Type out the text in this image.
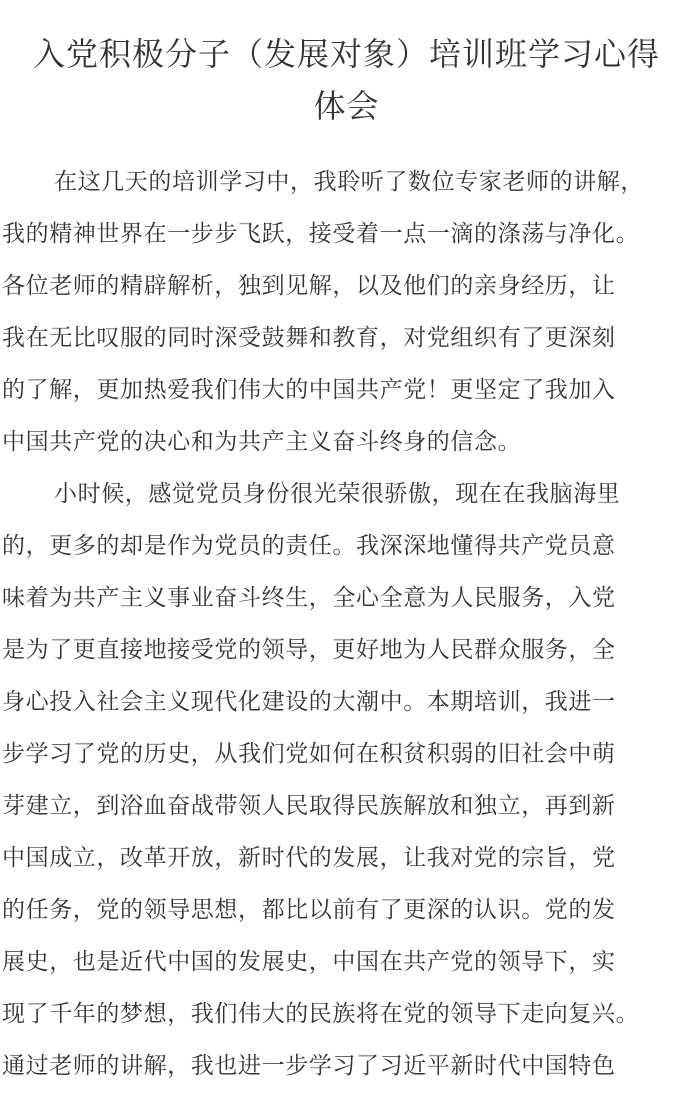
入党积极分子（发展对象）培训班学习心得
体会
在这几天的培训学习中，我聆听了数位专家老师的讲解，
我的精神世界在一步步飞跃，接受着一点一滴的涤荡与净化。
各位老师的精辟解析，独到见解，以及他们的亲身经历，让
我在无比叹服的同时深受鼓舞和教育，对党组织有了更深刻
的了解，更加热爱我们伟大的中国共产党！更坚定了我加入
中国共产党的决心和为共产主义奋斗终身的信念。
小时候，感觉党员身份很光荣很骄傲，现在在我脑海里
的，更多的却是作为党员的责任。我深深地懂得共产党员意
味着为共产主义事业奋斗终生，全心全意为人民服务，入党
是为了更直接地接受党的领导，更好地为人民群众服务，全
身心投入社会主义现代化建设的大潮中。本期培训，我进一
步学习了党的历史，从我们党如何在积贫积弱的旧社会中萌
芽建立，到浴血奋战带领人民取得民族解放和独立，再到新
中国成立，改革开放，新时代的发展，让我对党的宗旨，党
的任务，党的领导思想，都比以前有了更深的认识。党的发
展史，也是近代中国的发展史，中国在共产党的领导下，实
现了千年的梦想，我们伟大的民族将在党的领导下走向复兴。
通过老师的讲解，我也进一步学习了习近平新时代中国特色
